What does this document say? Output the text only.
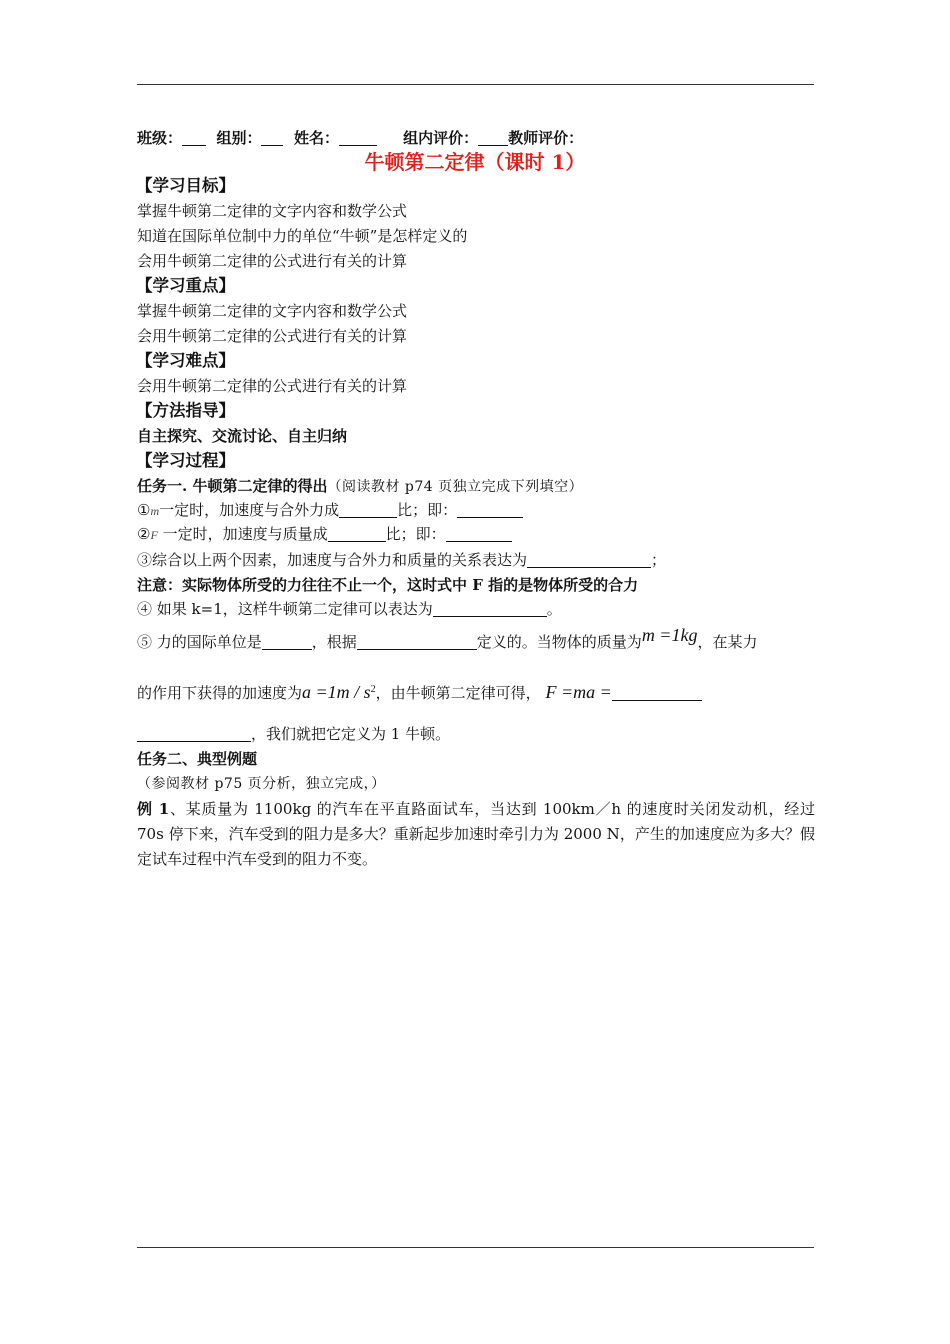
班级： 组别： 姓名：	组内评价： 教师评价：
牛顿第二定律（课时 1）
【学习目标】
掌握牛顿第二定律的文字内容和数学公式
知道在国际单位制中力的单位“牛顿”是怎样定义的
会用牛顿第二定律的公式进行有关的计算
【学习重点】
掌握牛顿第二定律的文字内容和数学公式
会用牛顿第二定律的公式进行有关的计算
【学习难点】
会用牛顿第二定律的公式进行有关的计算
【方法指导】
自主探究、交流讨论、自主归纳
【学习过程】
任务一. 牛顿第二定律的得出（阅读教材 p74 页独立完成下列填空）
①m一定时，加速度与合外力成	比；即：
②F 一定时，加速度与质量成	比；即：
③综合以上两个因素，加速度与合外力和质量的关系表达为	；
注意：实际物体所受的力往往不止一个，这时式中 F 指的是物体所受的合力
④ 如果 k=1，这样牛顿第二定律可以表达为	。
⑤ 力的国际单位是	，根据	定义的。当物体的质量为m =1kg，在某力
的作用下获得的加速度为$a =1m / s^2$，由牛顿第二定律可得， F =ma =
，我们就把它定义为 1 牛顿。
任务二、典型例题
（参阅教材 p75 页分析，独立完成，）
例 1、某质量为 1100kg 的汽车在平直路面试车，当达到 100km／h 的速度时关闭发动机，经过 70s 停下来，汽车受到的阻力是多大？重新起步加速时牵引力为 2000 N，产生的加速度应为多大？假定试车过程中汽车受到的阻力不变。
